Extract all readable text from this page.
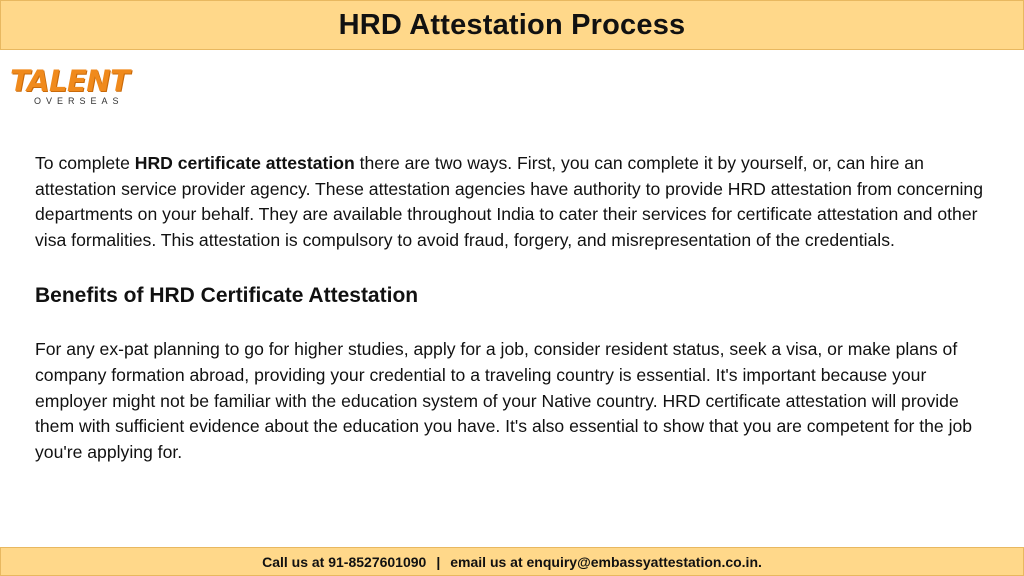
HRD Attestation Process
TALENT
OVERSEAS

To complete HRD certificate attestation there are two ways. First, you can complete it by yourself, or, can hire an attestation service provider agency. These attestation agencies have authority to provide HRD attestation from concerning departments on your behalf. They are available throughout India to cater their services for certificate attestation and other visa formalities. This attestation is compulsory to avoid fraud, forgery, and misrepresentation of the credentials.

Benefits of HRD Certificate Attestation

For any ex-pat planning to go for higher studies, apply for a job, consider resident status, seek a visa, or make plans of company formation abroad, providing your credential to a traveling country is essential. It's important because your employer might not be familiar with the education system of your Native country. HRD certificate attestation will provide them with sufficient evidence about the education you have. It's also essential to show that you are competent for the job you're applying for.

Call us at 91-8527601090 | email us at enquiry@embassyattestation.co.in.
